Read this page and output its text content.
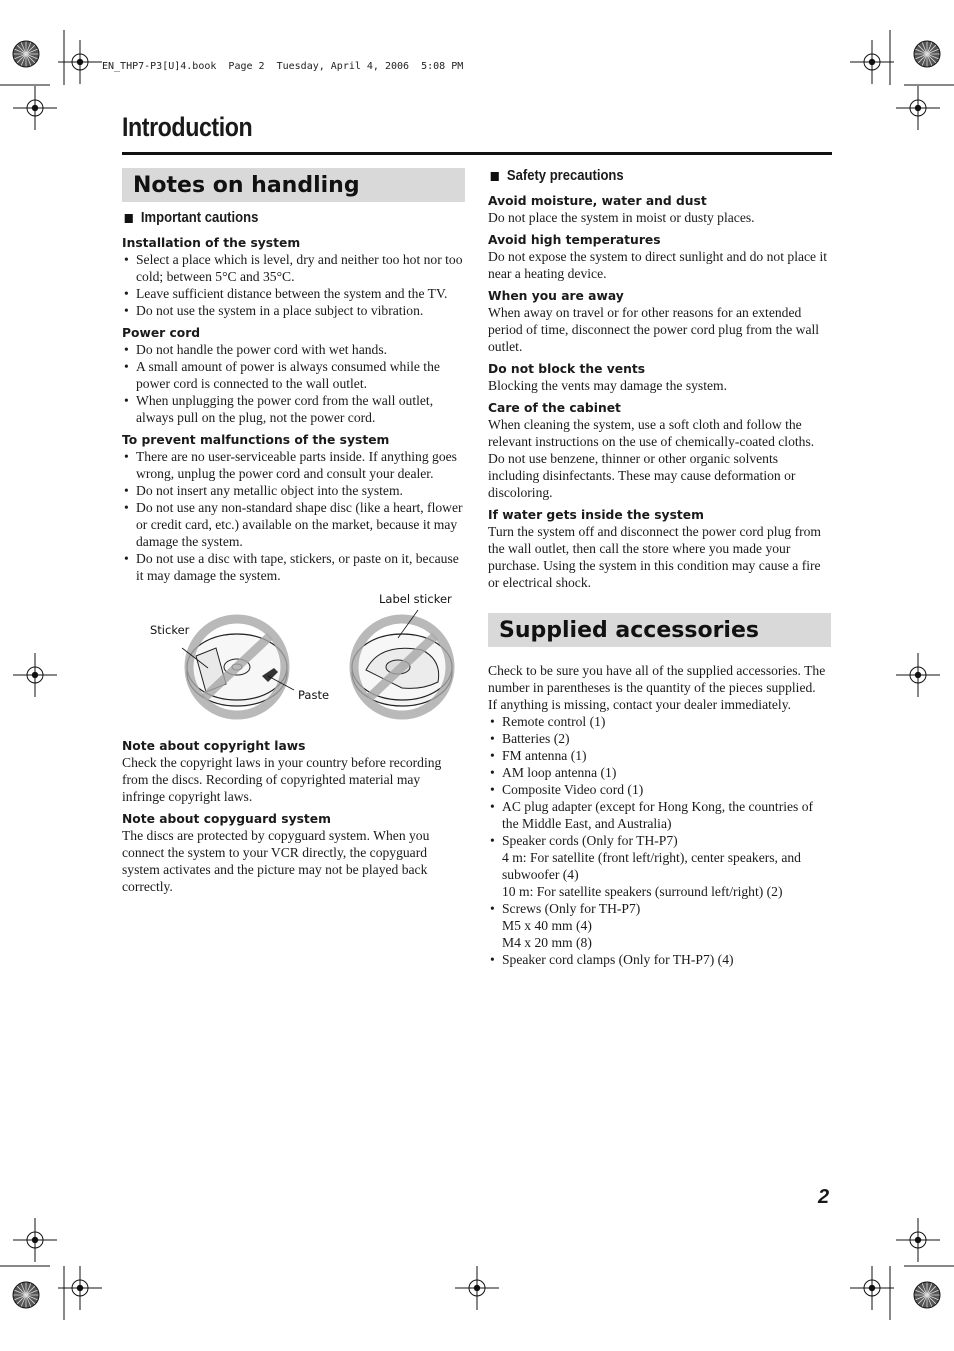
EN_THP7-P3[U]4.book  Page 2  Tuesday, April 4, 2006  5:08 PM
Introduction
Notes on handling
Important cautions
Installation of the system
• Select a place which is level, dry and neither too hot nor too cold; between 5°C and 35°C.
• Leave sufficient distance between the system and the TV.
• Do not use the system in a place subject to vibration.
Power cord
• Do not handle the power cord with wet hands.
• A small amount of power is always consumed while the power cord is connected to the wall outlet.
• When unplugging the power cord from the wall outlet, always pull on the plug, not the power cord.
To prevent malfunctions of the system
• There are no user-serviceable parts inside. If anything goes wrong, unplug the power cord and consult your dealer.
• Do not insert any metallic object into the system.
• Do not use any non-standard shape disc (like a heart, flower or credit card, etc.) available on the market, because it may damage the system.
• Do not use a disc with tape, stickers, or paste on it, because it may damage the system.
Sticker
Paste
Label sticker
Note about copyright laws

Check the copyright laws in your country before recording from the discs. Recording of copyrighted material may infringe copyright laws.

Note about copyguard system

The discs are protected by copyguard system. When you connect the system to your VCR directly, the copyguard system activates and the picture may not be played back correctly.

Safety precautions
Avoid moisture, water and dust

Do not place the system in moist or dusty places.

Avoid high temperatures

Do not expose the system to direct sunlight and do not place it near a heating device.

When you are away

When away on travel or for other reasons for an extended period of time, disconnect the power cord plug from the wall outlet.

Do not block the vents

Blocking the vents may damage the system.

Care of the cabinet

When cleaning the system, use a soft cloth and follow the relevant instructions on the use of chemically-coated cloths. Do not use benzene, thinner or other organic solvents including disinfectants. These may cause deformation or discoloring.

If water gets inside the system

Turn the system off and disconnect the power cord plug from the wall outlet, then call the store where you made your purchase. Using the system in this condition may cause a fire or electrical shock.

Supplied accessories

Check to be sure you have all of the supplied accessories. The number in parentheses is the quantity of the pieces supplied.

If anything is missing, contact your dealer immediately.

• Remote control (1)
• Batteries (2)
• FM antenna (1)
• AM loop antenna (1)
• Composite Video cord (1)
• AC plug adapter (except for Hong Kong, the countries of the Middle East, and Australia)
• Speaker cords (Only for TH-P7)
4 m: For satellite (front left/right), center speakers, and subwoofer (4)
10 m: For satellite speakers (surround left/right) (2)
• Screws (Only for TH-P7)
M5 x 40 mm (4)
M4 x 20 mm (8)
• Speaker cord clamps (Only for TH-P7) (4)
2
